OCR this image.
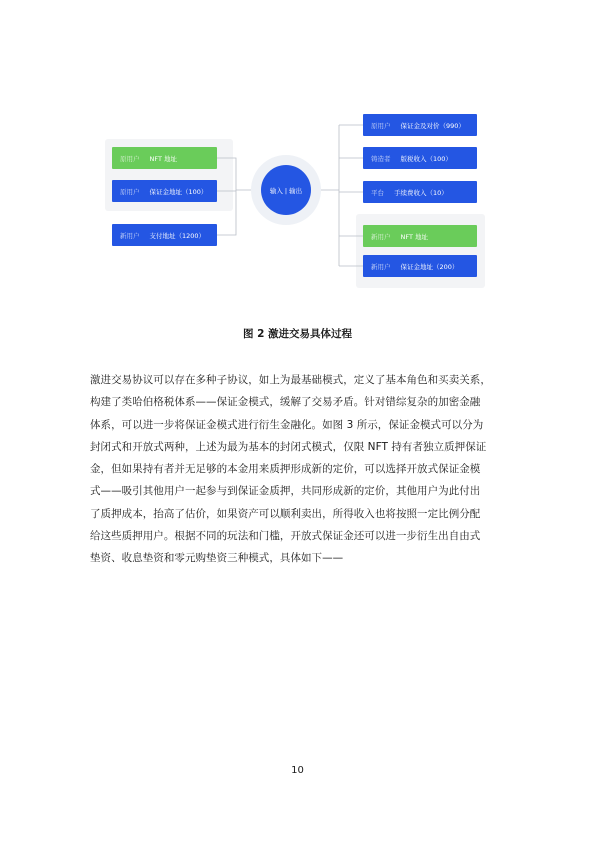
原用户 NFT 地址
原用户 保证金地址（100）
新用户 支付地址（1200）
输入 | 输出
原用户 保证金及对价（990）
铸造者 版税收入（100）
平台 手续费收入（10）
新用户 NFT 地址
新用户 保证金地址（200）
图 2 激进交易具体过程
激进交易协议可以存在多种子协议，如上为最基础模式，定义了基本角色和买卖关系，
构建了类哈伯格税体系——保证金模式，缓解了交易矛盾。针对错综复杂的加密金融
体系，可以进一步将保证金模式进行衍生金融化。如图 3 所示，保证金模式可以分为
封闭式和开放式两种，上述为最为基本的封闭式模式，仅限 NFT 持有者独立质押保证
金，但如果持有者并无足够的本金用来质押形成新的定价，可以选择开放式保证金模
式——吸引其他用户一起参与到保证金质押，共同形成新的定价，其他用户为此付出
了质押成本，抬高了估价，如果资产可以顺利卖出，所得收入也将按照一定比例分配
给这些质押用户。根据不同的玩法和门槛，开放式保证金还可以进一步衍生出自由式
垫资、收息垫资和零元购垫资三种模式，具体如下——
10
